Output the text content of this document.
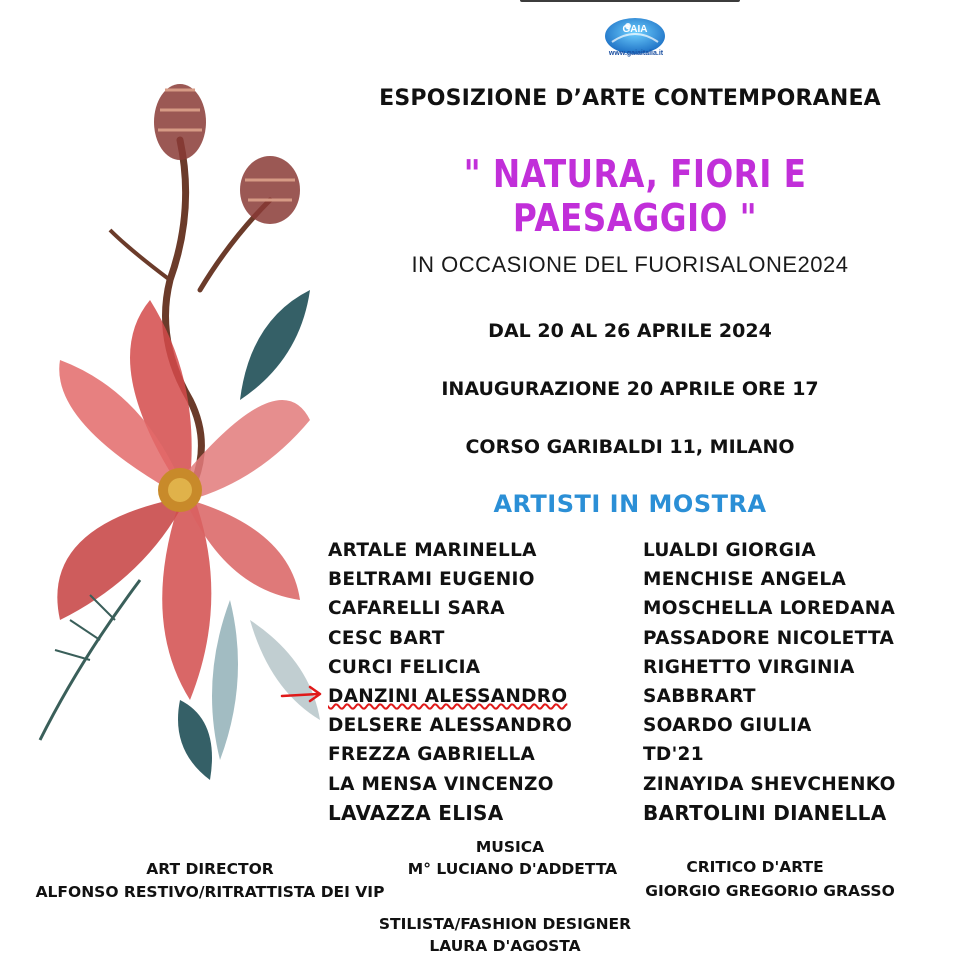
GAIA
www.gaiaitalia.it
ESPOSIZIONE D’ARTE CONTEMPORANEA
" NATURA, FIORI E PAESAGGIO "
IN OCCASIONE DEL FUORISALONE2024
DAL 20 AL 26 APRILE 2024
INAUGURAZIONE 20 APRILE ORE 17
CORSO GARIBALDI 11, MILANO
ARTISTI IN MOSTRA
ARTALE MARINELLA
BELTRAMI EUGENIO
CAFARELLI SARA
CESC BART
CURCI FELICIA
DANZINI ALESSANDRO
DELSERE ALESSANDRO
FREZZA GABRIELLA
LA MENSA VINCENZO
LAVAZZA ELISA
LUALDI GIORGIA
MENCHISE ANGELA
MOSCHELLA LOREDANA
PASSADORE NICOLETTA
RIGHETTO VIRGINIA
SABBRART
SOARDO GIULIA
TD'21
ZINAYIDA SHEVCHENKO
BARTOLINI DIANELLA
MUSICA
M° LUCIANO D'ADDETTA
ART DIRECTOR
ALFONSO RESTIVO/RITRATTISTA DEI VIP
CRITICO D'ARTE
GIORGIO GREGORIO GRASSO
STILISTA/FASHION DESIGNER
LAURA D'AGOSTA
